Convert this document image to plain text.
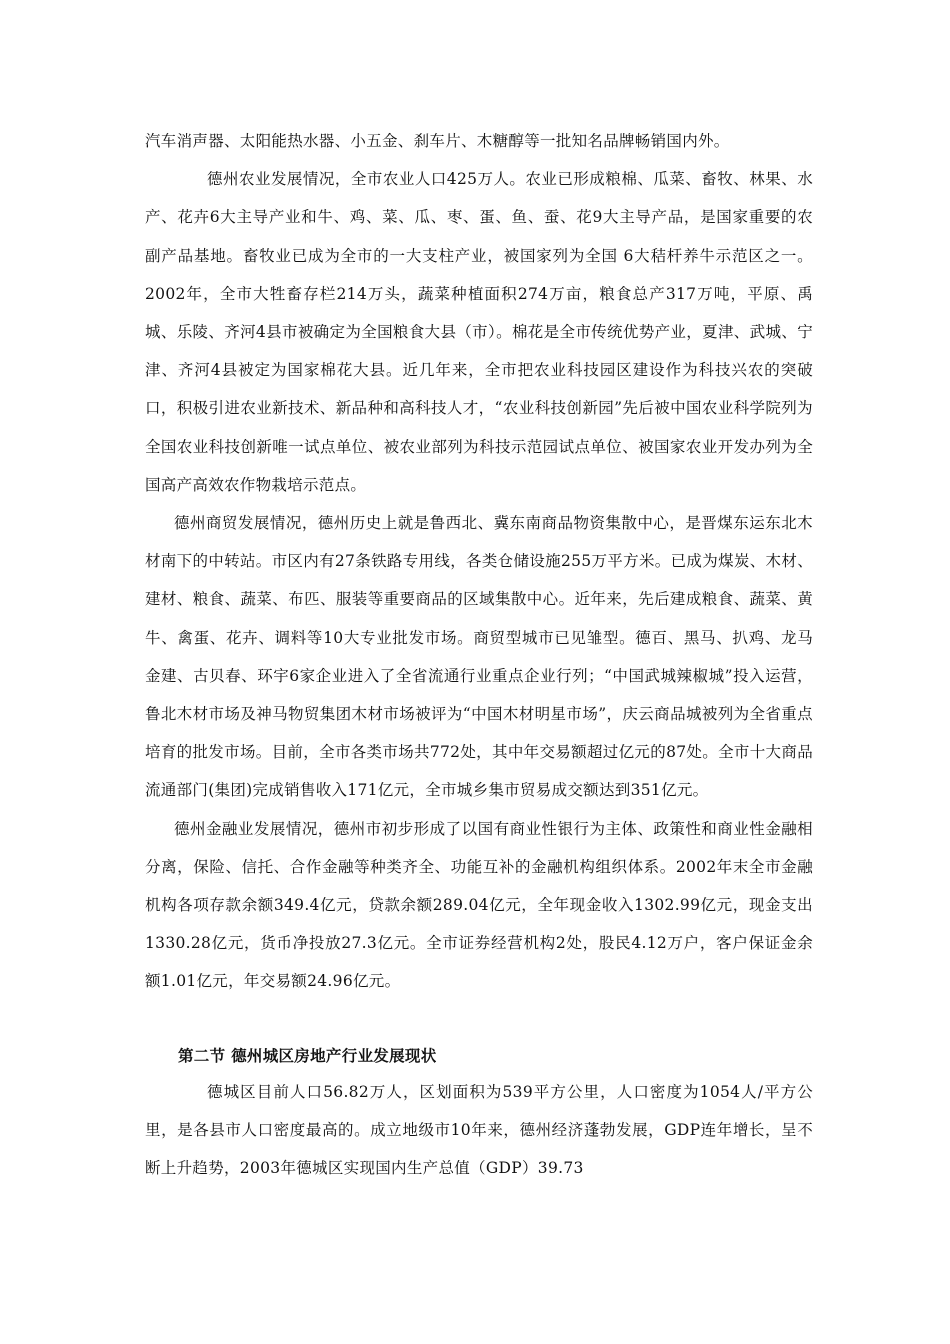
汽车消声器、太阳能热水器、小五金、刹车片、木糖醇等一批知名品牌畅销国内外。

德州农业发展情况，全市农业人口425万人。农业已形成粮棉、瓜菜、畜牧、林果、水产、花卉6大主导产业和牛、鸡、菜、瓜、枣、蛋、鱼、蚕、花9大主导产品，是国家重要的农副产品基地。畜牧业已成为全市的一大支柱产业，被国家列为全国 6大秸杆养牛示范区之一。2002年，全市大牲畜存栏214万头，蔬菜种植面积274万亩，粮食总产317万吨，平原、禹城、乐陵、齐河4县市被确定为全国粮食大县（市）。棉花是全市传统优势产业，夏津、武城、宁津、齐河4县被定为国家棉花大县。近几年来，全市把农业科技园区建设作为科技兴农的突破口，积极引进农业新技术、新品种和高科技人才，“农业科技创新园”先后被中国农业科学院列为全国农业科技创新唯一试点单位、被农业部列为科技示范园试点单位、被国家农业开发办列为全国高产高效农作物栽培示范点。

德州商贸发展情况，德州历史上就是鲁西北、冀东南商品物资集散中心，是晋煤东运东北木材南下的中转站。市区内有27条铁路专用线，各类仓储设施255万平方米。已成为煤炭、木材、建材、粮食、蔬菜、布匹、服装等重要商品的区域集散中心。近年来，先后建成粮食、蔬菜、黄牛、禽蛋、花卉、调料等10大专业批发市场。商贸型城市已见雏型。德百、黑马、扒鸡、龙马金建、古贝春、环宇6家企业进入了全省流通行业重点企业行列；“中国武城辣椒城”投入运营，鲁北木材市场及神马物贸集团木材市场被评为“中国木材明星市场”，庆云商品城被列为全省重点培育的批发市场。目前，全市各类市场共772处，其中年交易额超过亿元的87处。全市十大商品流通部门(集团)完成销售收入171亿元，全市城乡集市贸易成交额达到351亿元。

德州金融业发展情况，德州市初步形成了以国有商业性银行为主体、政策性和商业性金融相分离，保险、信托、合作金融等种类齐全、功能互补的金融机构组织体系。2002年末全市金融机构各项存款余额349.4亿元，贷款余额289.04亿元，全年现金收入1302.99亿元，现金支出1330.28亿元，货币净投放27.3亿元。全市证券经营机构2处，股民4.12万户，客户保证金余额1.01亿元，年交易额24.96亿元。

第二节 德州城区房地产行业发展现状

德城区目前人口56.82万人，区划面积为539平方公里，人口密度为1054人/平方公里，是各县市人口密度最高的。成立地级市10年来，德州经济蓬勃发展，GDP连年增长，呈不断上升趋势，2003年德城区实现国内生产总值（GDP）39.73
